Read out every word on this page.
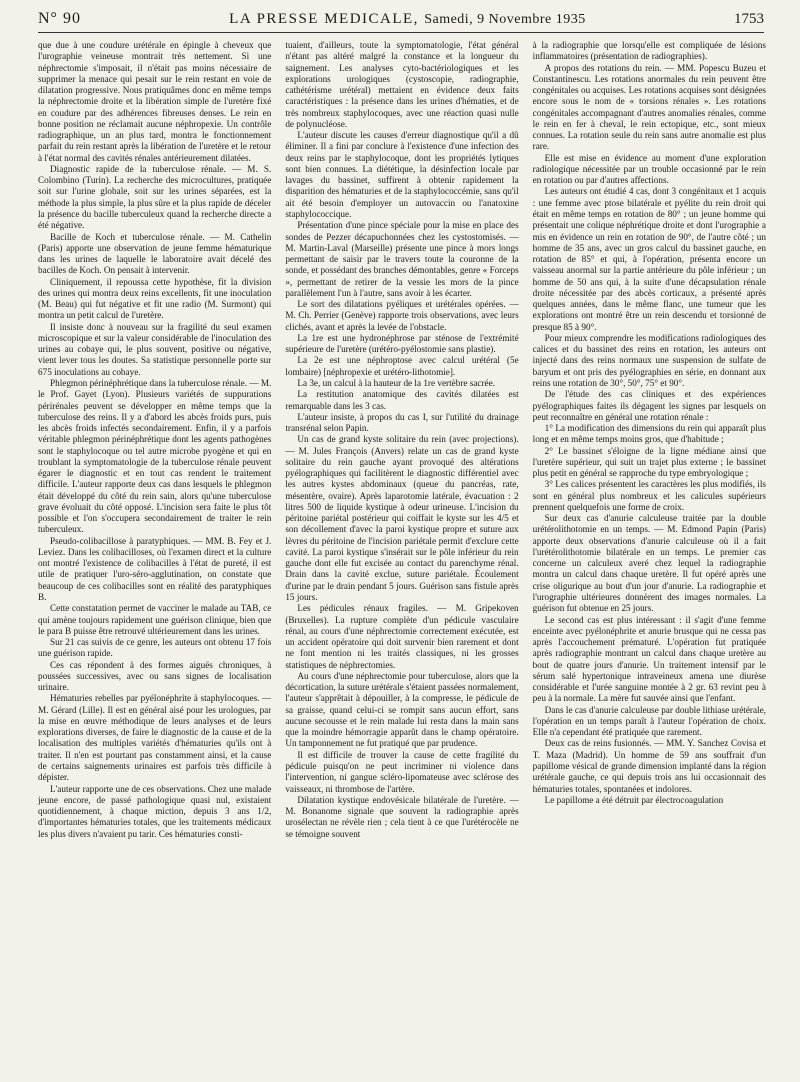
N° 90	LA PRESSE MEDICALE, Samedi, 9 Novembre 1935	1753

que due à une coudure urétérale en épingle à cheveux que l'urographie veineuse montrait très nettement. Si une néphrectomie s'imposait, il n'était pas moins nécessaire de supprimer la menace qui pesait sur le rein restant en voie de dilatation progressive. Nous pratiquâmes donc en même temps la néphrectomie droite et la libération simple de l'uretère fixé en coudure par des adhérences fibreuses denses. Le rein en bonne position ne réclamait aucune néphropexie. Un contrôle radiographique, un an plus tard, montra le fonctionnement parfait du rein restant après la libération de l'uretère et le retour à l'état normal des cavités rénales antérieurement dilatées.

Diagnostic rapide de la tuberculose rénale. — M. S. Colombino (Turin). La recherche des microcultures, pratiquée soit sur l'urine globale, soit sur les urines séparées, est la méthode la plus simple, la plus sûre et la plus rapide de déceler la présence du bacille tuberculeux quand la recherche directe a été négative.

Bacille de Koch et tuberculose rénale. — M. Cathelin (Paris) apporte une observation de jeune femme hématurique dans les urines de laquelle le laboratoire avait décelé des bacilles de Koch. On pensait à intervenir.

Cliniquement, il repoussa cette hypothèse, fit la division des urines qui montra deux reins excellents, fit une inoculation (M. Beau) qui fut négative et fit une radio (M. Surmont) qui montra un petit calcul de l'uretère.

Il insiste donc à nouveau sur la fragilité du seul examen microscopique et sur la valeur considérable de l'inoculation des urines au cobaye qui, le plus souvent, positive ou négative, vient lever tous les doutes. Sa statistique personnelle porte sur 675 inoculations au cobaye.

Phlegmon périnéphrétique dans la tuberculose rénale. — M. le Prof. Gayet (Lyon). Plusieurs variétés de suppurations périrénales peuvent se développer en même temps que la tuberculose des reins. Il y a d'abord les abcès froids purs, puis les abcès froids infectés secondairement. Enfin, il y a parfois véritable phlegmon périnéphrétique dont les agents pathogènes sont le staphylocoque ou tel autre microbe pyogène et qui en troublant la symptomatologie de la tuberculose rénale peuvent égarer le diagnostic et en tout cas rendent le traitement difficile. L'auteur rapporte deux cas dans lesquels le phlegmon était développé du côté du rein sain, alors qu'une tuberculose grave évoluait du côté opposé. L'incision sera faite le plus tôt possible et l'on s'occupera secondairement de traiter le rein tuberculeux.

Pseudo-colibacillose à paratyphiques. — MM. B. Fey et J. Leviez. Dans les colibacilloses, où l'examen direct et la culture ont montré l'existence de colibacilles à l'état de pureté, il est utile de pratiquer l'uro-séro-agglutination, on constate que beaucoup de ces colibacilles sont en réalité des paratyphiques B.

Cette constatation permet de vacciner le malade au TAB, ce qui amène toujours rapidement une guérison clinique, bien que le para B puisse être retrouvé ultérieurement dans les urines.

Sur 21 cas suivis de ce genre, les auteurs ont obtenu 17 fois une guérison rapide.

Ces cas répondent à des formes aiguës chroniques, à poussées successives, avec ou sans signes de localisation urinaire.

Hématuries rebelles par pyélonéphrite à staphylocoques. — M. Gérard (Lille). Il est en général aisé pour les urologues, par la mise en œuvre méthodique de leurs analyses et de leurs explorations diverses, de faire le diagnostic de la cause et de la localisation des multiples variétés d'hématuries qu'ils ont à traiter. Il n'en est pourtant pas constamment ainsi, et la cause de certains saignements urinaires est parfois très difficile à dépister.

L'auteur rapporte une de ces observations. Chez une malade jeune encore, de passé pathologique quasi nul, existaient quotidiennement, à chaque miction, depuis 3 ans 1/2, d'importantes hématuries totales, que les traitements médicaux les plus divers n'avaient pu tarir. Ces hématuries consti-

tuaient, d'ailleurs, toute la symptomatologie, l'état général n'étant pas altéré malgré la constance et la longueur du saignement. Les analyses cyto-bactériologiques et les explorations urologiques (cystoscopie, radiographie, cathétérisme urétéral) mettaient en évidence deux faits caractéristiques : la présence dans les urines d'hématies, et de très nombreux staphylocoques, avec une réaction quasi nulle de polynucléose.

L'auteur discute les causes d'erreur diagnostique qu'il a dû éliminer. Il a fini par conclure à l'existence d'une infection des deux reins par le staphylocoque, dont les propriétés lytiques sont bien connues. La diététique, la désinfection locale par lavages du bassinet, suffirent à obtenir rapidement la disparition des hématuries et de la staphylococcémie, sans qu'il ait été besoin d'employer un autovaccin ou l'anatoxine staphylococcique.

Présentation d'une pince spéciale pour la mise en place des sondes de Pezzer décapuchonnées chez les cystostomisés. — M. Martin-Laval (Marseille) présente une pince à mors longs permettant de saisir par le travers toute la couronne de la sonde, et possédant des branches démontables, genre « Forceps », permettant de retirer de la vessie les mors de la pince parallèlement l'un à l'autre, sans avoir à les écarter.

Le sort des dilatations pyéliques et urétérales opérées. — M. Ch. Perrier (Genève) rapporte trois observations, avec leurs clichés, avant et après la levée de l'obstacle.

La 1re est une hydronéphrose par sténose de l'extrémité supérieure de l'uretère (urétéro-pyélostomie sans plastie).

La 2e est une néphroptose avec calcul urétéral (5e lombaire) [néphropexie et urétéro-lithotomie].

La 3e, un calcul à la hauteur de la 1re vertèbre sacrée.

La restitution anatomique des cavités dilatées est remarquable dans les 3 cas.

L'auteur insiste, à propos du cas I, sur l'utilité du drainage transrénal selon Papin.

Un cas de grand kyste solitaire du rein (avec projections). — M. Jules François (Anvers) relate un cas de grand kyste solitaire du rein gauche ayant provoqué des altérations pyélographiques qui facilitèrent le diagnostic différentiel avec les autres kystes abdominaux (queue du pancréas, rate, mésentère, ovaire). Après laparotomie latérale, évacuation : 2 litres 500 de liquide kystique à odeur urineuse. L'incision du péritoine pariétal postérieur qui coiffait le kyste sur les 4/5 et son décollement d'avec la paroi kystique propre et suture aux lèvres du péritoine de l'incision pariétale permit d'exclure cette cavité. La paroi kystique s'insérait sur le pôle inférieur du rein gauche dont elle fut excisée au contact du parenchyme rénal. Drain dans la cavité exclue, suture pariétale. Écoulement d'urine par le drain pendant 5 jours. Guérison sans fistule après 15 jours.

Les pédicules rénaux fragiles. — M. Gripekoven (Bruxelles). La rupture complète d'un pédicule vasculaire rénal, au cours d'une néphrectomie correctement exécutée, est un accident opératoire qui doit survenir bien rarement et dont ne font mention ni les traités classiques, ni les grosses statistiques de néphrectomies.

Au cours d'une néphrectomie pour tuberculose, alors que la décortication, la suture urétérale s'étaient passées normalement, l'auteur s'apprêtait à dépouiller, à la compresse, le pédicule de sa graisse, quand celui-ci se rompit sans aucun effort, sans aucune secousse et le rein malade lui resta dans la main sans que la moindre hémorragie apparût dans le champ opératoire. Un tamponnement ne fut pratiqué que par prudence.

Il est difficile de trouver la cause de cette fragilité du pédicule puisqu'on ne peut incriminer ni violence dans l'intervention, ni gangue scléro-lipomateuse avec sclérose des vaisseaux, ni thrombose de l'artère.

Dilatation kystique endovésicale bilatérale de l'uretère. — M. Bonanome signale que souvent la radiographie après urosélectan ne révèle rien ; cela tient à ce que l'urétérocèle ne se témoigne souvent

à la radiographie que lorsqu'elle est compliquée de lésions inflammatoires (présentation de radiographies).

A propos des rotations du rein. — MM. Popescu Buzeu et Constantinescu. Les rotations anormales du rein peuvent être congénitales ou acquises. Les rotations acquises sont désignées encore sous le nom de « torsions rénales ». Les rotations congénitales accompagnant d'autres anomalies rénales, comme le rein en fer à cheval, le rein ectopique, etc., sont mieux connues. La rotation seule du rein sans autre anomalie est plus rare.

Elle est mise en évidence au moment d'une exploration radiologique nécessitée par un trouble occasionné par le rein en rotation ou par d'autres affections.

Les auteurs ont étudié 4 cas, dont 3 congénitaux et 1 acquis : une femme avec ptose bilatérale et pyélite du rein droit qui était en même temps en rotation de 80° ; un jeune homme qui présentait une colique néphrétique droite et dont l'urographie a mis en évidence un rein en rotation de 90°, de l'autre côté ; un homme de 35 ans, avec un gros calcul du bassinet gauche, en rotation de 85° et qui, à l'opération, présenta encore un vaisseau anormal sur la partie antérieure du pôle inférieur ; un homme de 50 ans qui, à la suite d'une décapsulation rénale droite nécessitée par des abcès corticaux, a présenté après quelques années, dans le même flanc, une tumeur que les explorations ont montré être un rein descendu et torsionné de presque 85 à 90°.

Pour mieux comprendre les modifications radiologiques des calices et du bassinet des reins en rotation, les auteurs ont injecté dans des reins normaux une suspension de sulfate de baryum et ont pris des pyélographies en série, en donnant aux reins une rotation de 30°, 50°, 75° et 90°.

De l'étude des cas cliniques et des expériences pyélographiques faites ils dégagent les signes par lesquels on peut reconnaître en général une rotation rénale :

1° La modification des dimensions du rein qui apparaît plus long et en même temps moins gros, que d'habitude ;

2° Le bassinet s'éloigne de la ligne médiane ainsi que l'uretère supérieur, qui suit un trajet plus externe ; le bassinet plus petit en général se rapproche du type embryologique ;

3° Les calices présentent les caractères les plus modifiés, ils sont en général plus nombreux et les calicules supérieurs prennent quelquefois une forme de croix.

Sur deux cas d'anurie calculeuse traitée par la double urétérolithotomie en un temps. — M. Edmond Papin (Paris) apporte deux observations d'anurie calculeuse où il a fait l'urétérolithotomie bilatérale en un temps. Le premier cas concerne un calculeux averé chez lequel la radiographie montra un calcul dans chaque uretère. Il fut opéré après une crise oligurique au bout d'un jour d'anurie. La radiographie et l'urographie ultérieures donnèrent des images normales. La guérison fut obtenue en 25 jours.

Le second cas est plus intéressant : il s'agit d'une femme enceinte avec pyélonéphrite et anurie brusque qui ne cessa pas après l'accouchement prématuré. L'opération fut pratiquée après radiographie montrant un calcul dans chaque uretère au bout de quatre jours d'anurie. Un traitement intensif par le sérum salé hypertonique intraveineux amena une diurèse considérable et l'urée sanguine montée à 2 gr. 63 revint peu à peu à la normale. La mère fut sauvée ainsi que l'enfant.

Dans le cas d'anurie calculeuse par double lithiase urétérale, l'opération en un temps paraît à l'auteur l'opération de choix. Elle n'a cependant été pratiquée que rarement.

Deux cas de reins fusionnés. — MM. Y. Sanchez Covisa et T. Maza (Madrid). Un homme de 59 ans souffrait d'un papillome vésical de grande dimension implanté dans la région urétérale gauche, ce qui depuis trois ans lui occasionnait des hématuries totales, spontanées et indolores.

Le papillome a été détruit par électrocoagulation
